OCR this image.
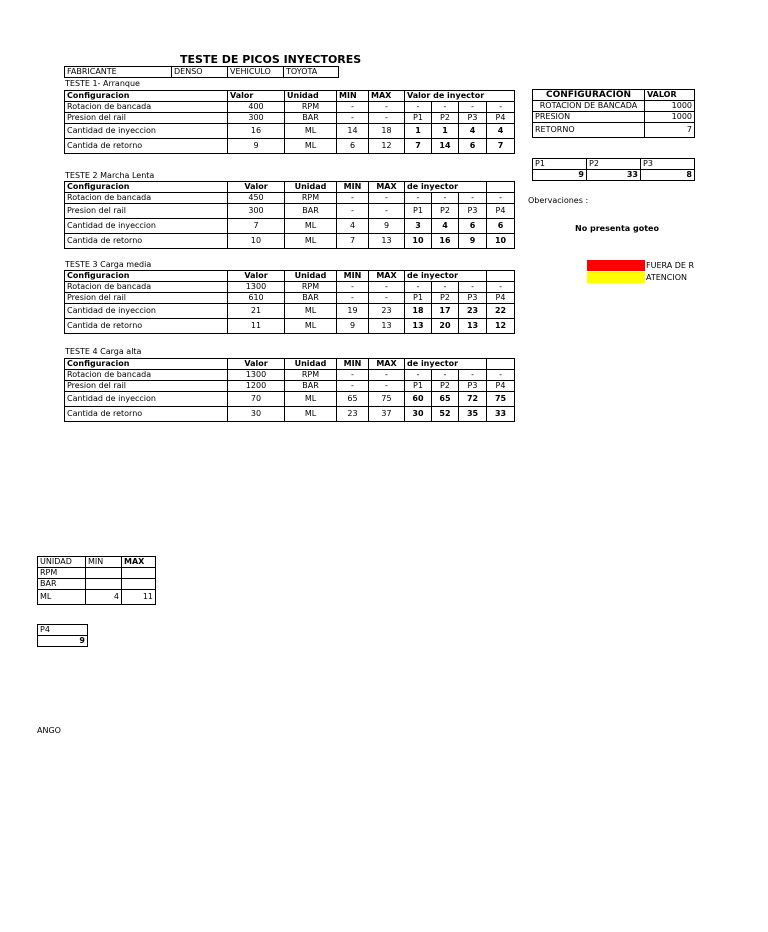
TESTE DE PICOS INYECTORES
FABRICANTE	DENSO	VEHICULO	TOYOTA
TESTE 1- Arranque
Configuracion	Valor	Unidad	MIN	MAX	Valor de inyector			
Rotacion de bancada	400	RPM	-	-	-	-	-	-
Presion del rail	300	BAR	-	-	P1	P2	P3	P4
Cantidad de inyeccion	16	ML	14	18	1	1	4	4
Cantida de retorno	9	ML	6	12	7	14	6	7
TESTE 2 Marcha Lenta
Configuracion	Valor	Unidad	MIN	MAX	de inyector			
Rotacion de bancada	450	RPM	-	-	-	-	-	-
Presion del rail	300	BAR	-	-	P1	P2	P3	P4
Cantidad de inyeccion	7	ML	4	9	3	4	6	6
Cantida de retorno	10	ML	7	13	10	16	9	10
TESTE 3 Carga media
Configuracion	Valor	Unidad	MIN	MAX	de inyector			
Rotacion de bancada	1300	RPM	-	-	-	-	-	-
Presion del rail	610	BAR	-	-	P1	P2	P3	P4
Cantidad de inyeccion	21	ML	19	23	18	17	23	22
Cantida de retorno	11	ML	9	13	13	20	13	12
TESTE 4 Carga alta
Configuracion	Valor	Unidad	MIN	MAX	de inyector			
Rotacion de bancada	1300	RPM	-	-	-	-	-	-
Presion del rail	1200	BAR	-	-	P1	P2	P3	P4
Cantidad de inyeccion	70	ML	65	75	60	65	72	75
Cantida de retorno	30	ML	23	37	30	52	35	33
CONFIGURACION	VALOR
ROTACION DE BANCADA	1000
PRESION	1000
RETORNO	7
P1	P2	P3
9	33	8
Obervaciones :
No presenta goteo
FUERA DE R
ATENCION
UNIDAD	MIN	MAX
RPM		
BAR		
ML	4	11
P4
9
ANGO
